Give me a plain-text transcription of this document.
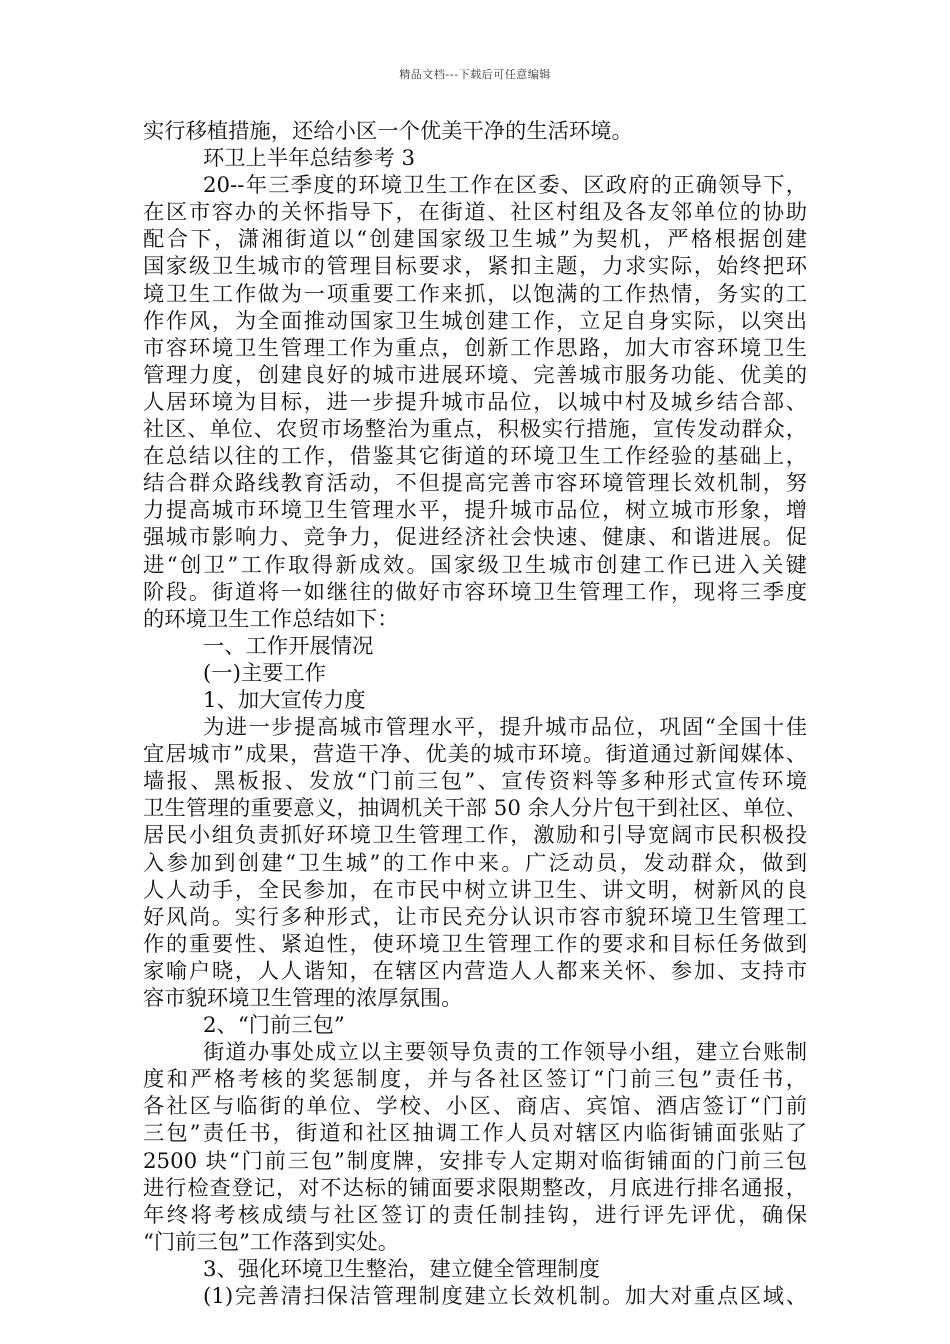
精品文档---下载后可任意编辑
实行移植措施，还给小区一个优美干净的生活环境。
环卫上半年总结参考 3
20--年三季度的环境卫生工作在区委、区政府的正确领导下，
在区市容办的关怀指导下，在街道、社区村组及各友邻单位的协助
配合下，潇湘街道以“创建国家级卫生城”为契机，严格根据创建
国家级卫生城市的管理目标要求，紧扣主题，力求实际，始终把环
境卫生工作做为一项重要工作来抓，以饱满的工作热情，务实的工
作作风，为全面推动国家卫生城创建工作，立足自身实际，以突出
市容环境卫生管理工作为重点，创新工作思路，加大市容环境卫生
管理力度，创建良好的城市进展环境、完善城市服务功能、优美的
人居环境为目标，进一步提升城市品位，以城中村及城乡结合部、
社区、单位、农贸市场整治为重点，积极实行措施，宣传发动群众，
在总结以往的工作，借鉴其它街道的环境卫生工作经验的基础上，
结合群众路线教育活动，不但提高完善市容环境管理长效机制，努
力提高城市环境卫生管理水平，提升城市品位，树立城市形象，增
强城市影响力、竞争力，促进经济社会快速、健康、和谐进展。促
进“创卫”工作取得新成效。国家级卫生城市创建工作已进入关键
阶段。街道将一如继往的做好市容环境卫生管理工作，现将三季度
的环境卫生工作总结如下：
一、工作开展情况
(一)主要工作
1、加大宣传力度
为进一步提高城市管理水平，提升城市品位，巩固“全国十佳
宜居城市”成果，营造干净、优美的城市环境。街道通过新闻媒体、
墙报、黑板报、发放“门前三包”、宣传资料等多种形式宣传环境
卫生管理的重要意义，抽调机关干部 50 余人分片包干到社区、单位、
居民小组负责抓好环境卫生管理工作，激励和引导宽阔市民积极投
入参加到创建“卫生城”的工作中来。广泛动员，发动群众，做到
人人动手，全民参加，在市民中树立讲卫生、讲文明，树新风的良
好风尚。实行多种形式，让市民充分认识市容市貌环境卫生管理工
作的重要性、紧迫性，使环境卫生管理工作的要求和目标任务做到
家喻户晓，人人谐知，在辖区内营造人人都来关怀、参加、支持市
容市貌环境卫生管理的浓厚氛围。
2、“门前三包”
街道办事处成立以主要领导负责的工作领导小组，建立台账制
度和严格考核的奖惩制度，并与各社区签订“门前三包”责任书，
各社区与临街的单位、学校、小区、商店、宾馆、酒店签订“门前
三包”责任书，街道和社区抽调工作人员对辖区内临街铺面张贴了
2500 块“门前三包”制度牌，安排专人定期对临街铺面的门前三包
进行检查登记，对不达标的铺面要求限期整改，月底进行排名通报，
年终将考核成绩与社区签订的责任制挂钩，进行评先评优，确保
“门前三包”工作落到实处。
3、强化环境卫生整治，建立健全管理制度
(1)完善清扫保洁管理制度建立长效机制。加大对重点区域、
